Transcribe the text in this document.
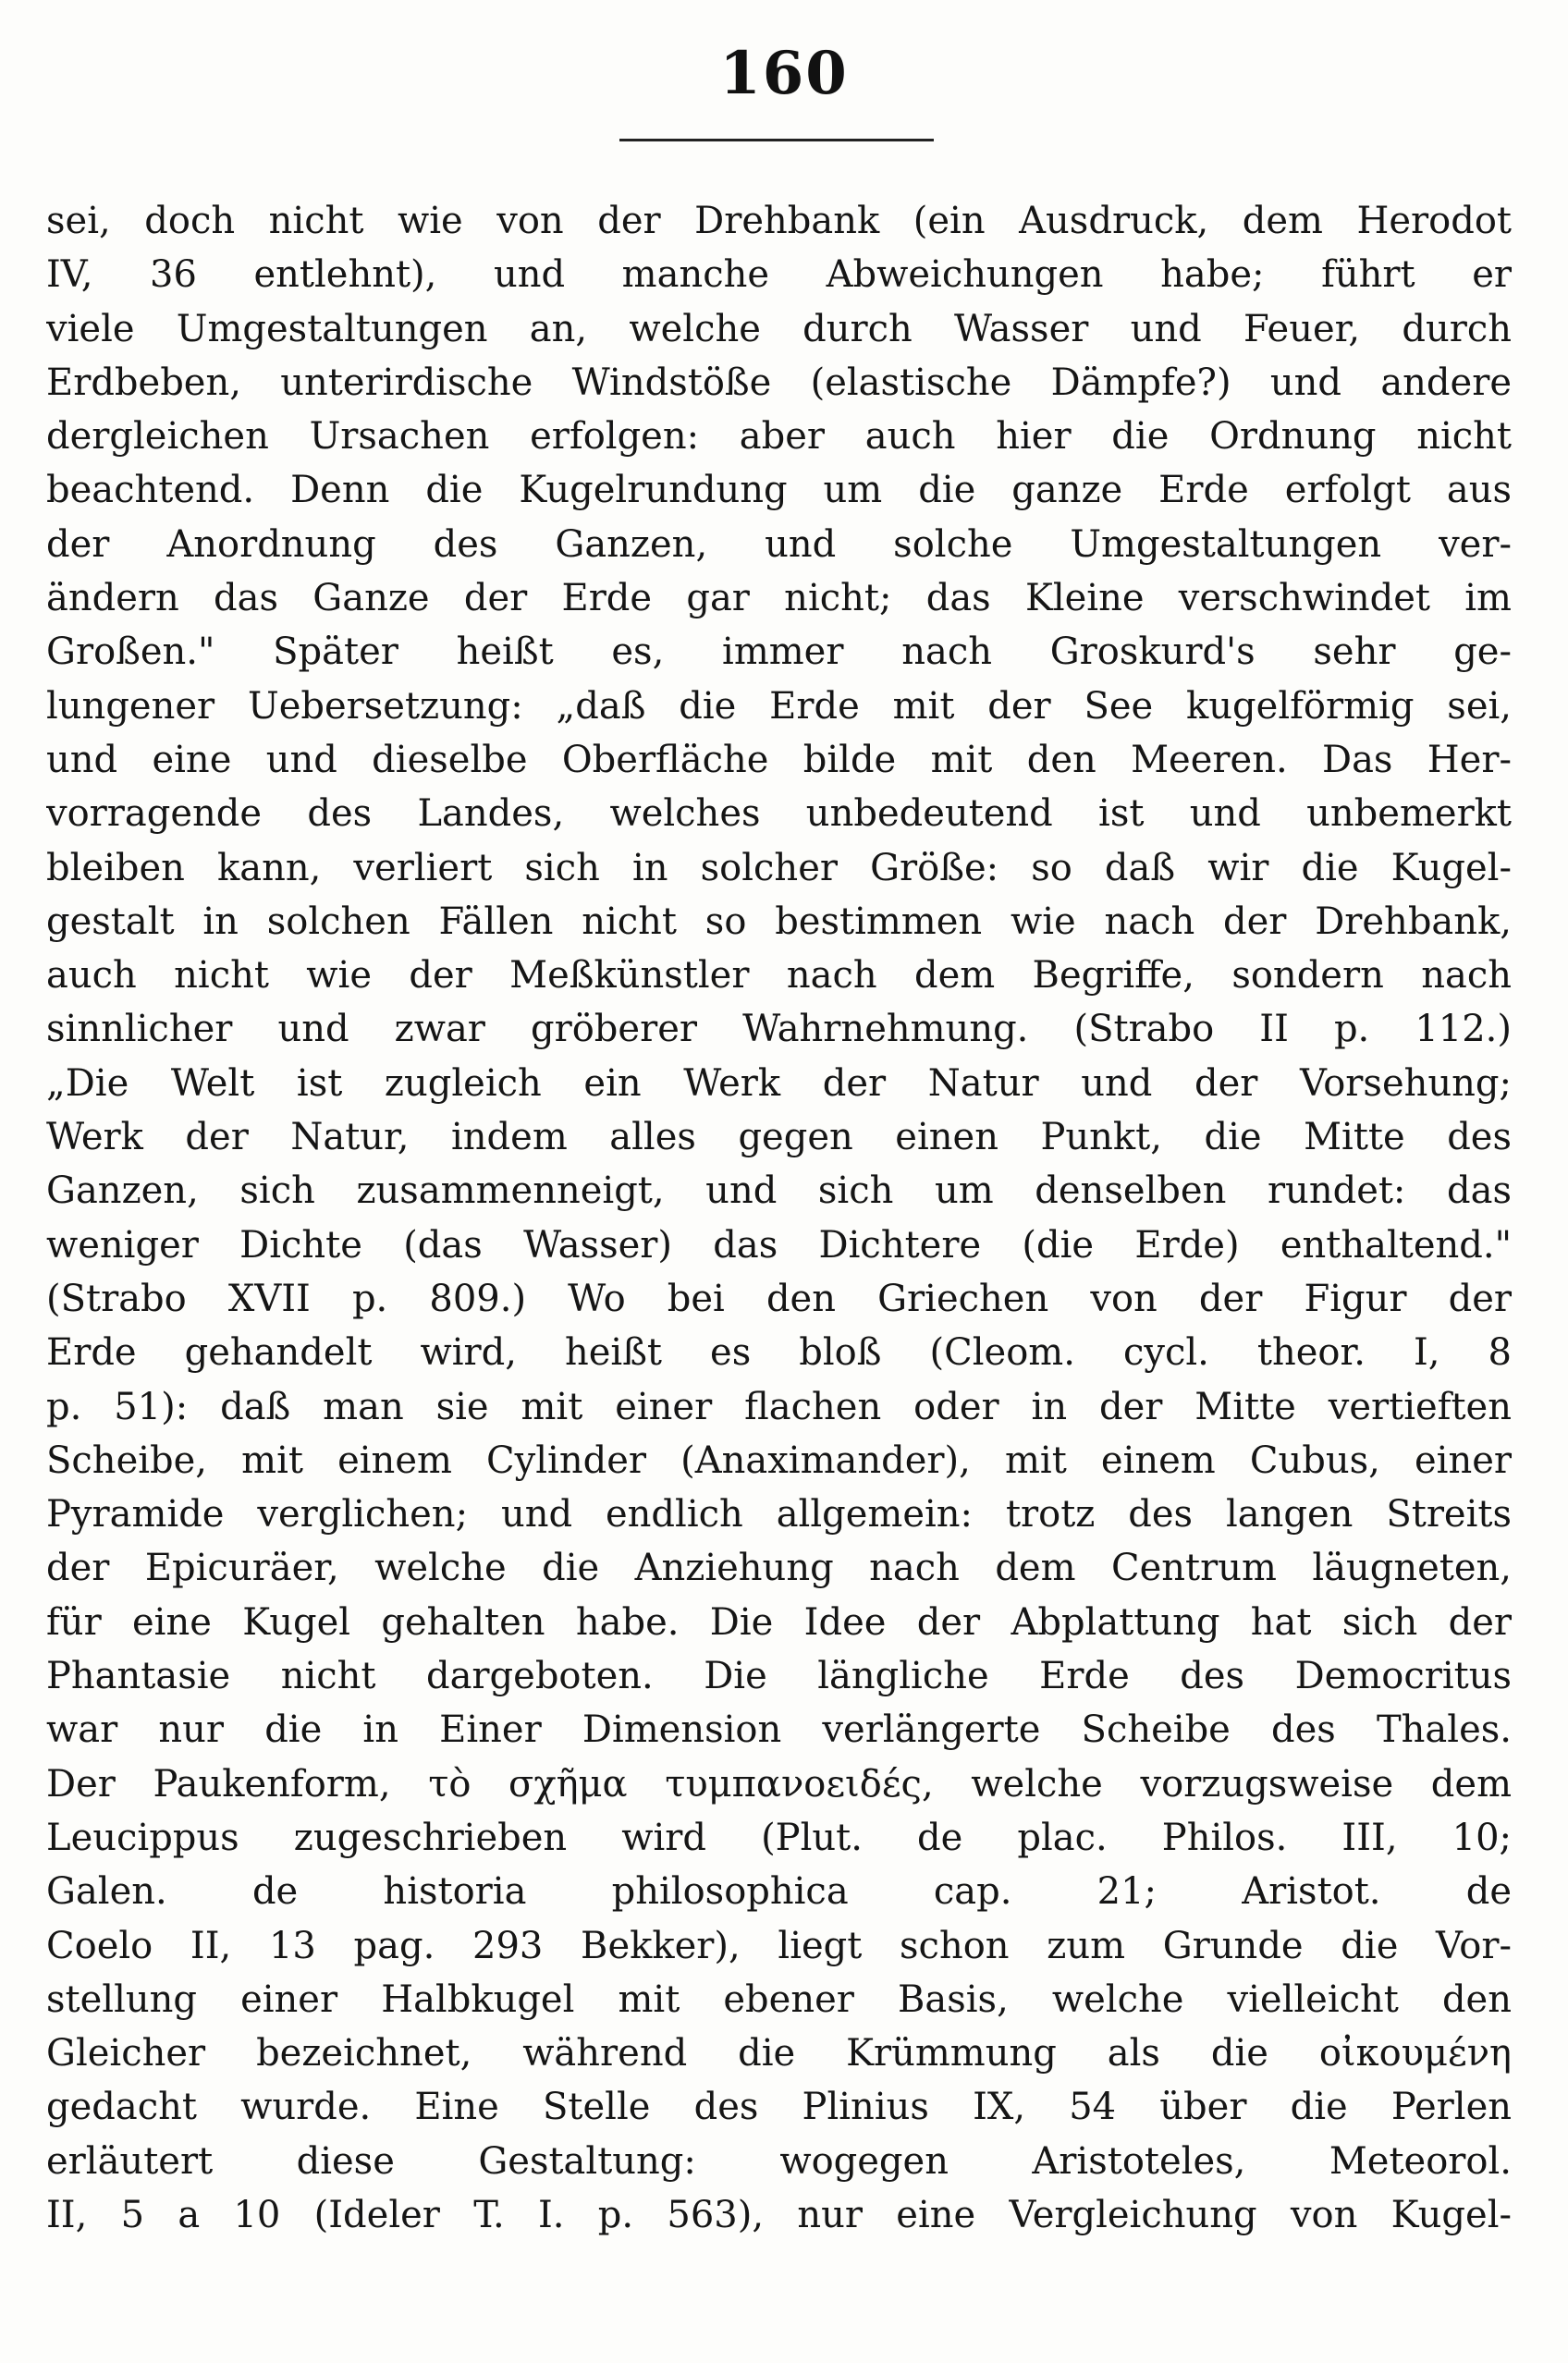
160
sei, doch nicht wie von der Drehbank (ein Ausdruck, dem Herodot
IV, 36 entlehnt), und manche Abweichungen habe; führt er
viele Umgestaltungen an, welche durch Wasser und Feuer, durch
Erdbeben, unterirdische Windstöße (elastische Dämpfe?) und andere
dergleichen Ursachen erfolgen: aber auch hier die Ordnung nicht
beachtend. Denn die Kugelrundung um die ganze Erde erfolgt aus
der Anordnung des Ganzen, und solche Umgestaltungen ver-
ändern das Ganze der Erde gar nicht; das Kleine verschwindet im
Großen." Später heißt es, immer nach Groskurd's sehr ge-
lungener Uebersetzung: „daß die Erde mit der See kugelförmig sei,
und eine und dieselbe Oberfläche bilde mit den Meeren. Das Her-
vorragende des Landes, welches unbedeutend ist und unbemerkt
bleiben kann, verliert sich in solcher Größe: so daß wir die Kugel-
gestalt in solchen Fällen nicht so bestimmen wie nach der Drehbank,
auch nicht wie der Meßkünstler nach dem Begriffe, sondern nach
sinnlicher und zwar gröberer Wahrnehmung. (Strabo II p. 112.)
„Die Welt ist zugleich ein Werk der Natur und der Vorsehung;
Werk der Natur, indem alles gegen einen Punkt, die Mitte des
Ganzen, sich zusammenneigt, und sich um denselben rundet: das
weniger Dichte (das Wasser) das Dichtere (die Erde) enthaltend."
(Strabo XVII p. 809.) Wo bei den Griechen von der Figur der
Erde gehandelt wird, heißt es bloß (Cleom. cycl. theor. I, 8
p. 51): daß man sie mit einer flachen oder in der Mitte vertieften
Scheibe, mit einem Cylinder (Anaximander), mit einem Cubus, einer
Pyramide verglichen; und endlich allgemein: trotz des langen Streits
der Epicuräer, welche die Anziehung nach dem Centrum läugneten,
für eine Kugel gehalten habe. Die Idee der Abplattung hat sich der
Phantasie nicht dargeboten. Die längliche Erde des Democritus
war nur die in Einer Dimension verlängerte Scheibe des Thales.
Der Paukenform, τὸ σχῆμα τυμπανοειδές, welche vorzugsweise dem
Leucippus zugeschrieben wird (Plut. de plac. Philos. III, 10;
Galen. de historia philosophica cap. 21; Aristot. de
Coelo II, 13 pag. 293 Bekker), liegt schon zum Grunde die Vor-
stellung einer Halbkugel mit ebener Basis, welche vielleicht den
Gleicher bezeichnet, während die Krümmung als die οἰκουμένη
gedacht wurde. Eine Stelle des Plinius IX, 54 über die Perlen
erläutert diese Gestaltung: wogegen Aristoteles, Meteorol.
II, 5 a 10 (Ideler T. I. p. 563), nur eine Vergleichung von Kugel-
